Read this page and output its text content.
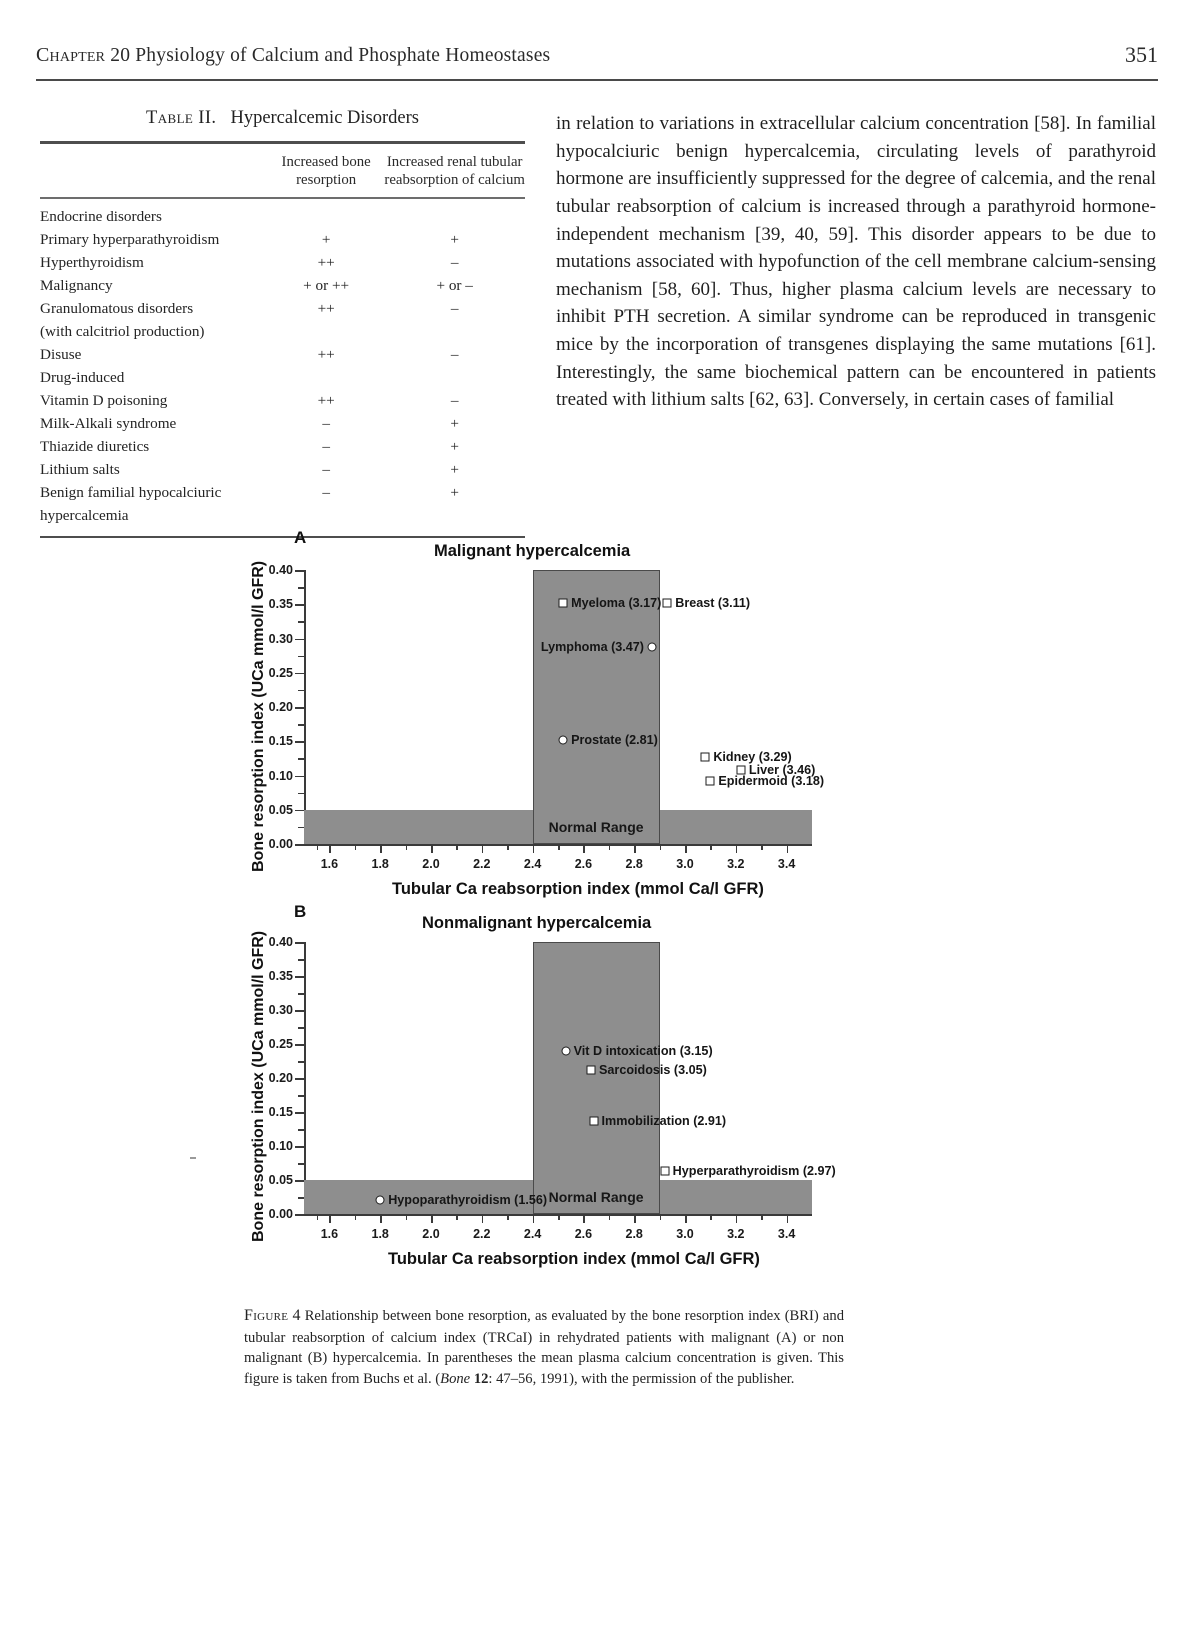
Chapter 20 Physiology of Calcium and Phosphate Homeostases	351
Table II. Hypercalcemic Disorders
	Increased bone resorption	Increased renal tubular reabsorption of calcium
Endocrine disorders		
Primary hyperparathyroidism	+	+
Hyperthyroidism	++	–
Malignancy	+ or ++	+ or –
Granulomatous disorders	++	–
(with calcitriol production)		
Disuse	++	–
Drug-induced		
Vitamin D poisoning	++	–
Milk-Alkali syndrome	–	+
Thiazide diuretics	–	+
Lithium salts	–	+
Benign familial hypocalciuric	–	+
hypercalcemia		
in relation to variations in extracellular calcium concentration [58]. In familial hypocalciuric benign hypercalcemia, circulating levels of parathyroid hormone are insufficiently suppressed for the degree of calcemia, and the renal tubular reabsorption of calcium is increased through a parathyroid hormone-independent mechanism [39, 40, 59]. This disorder appears to be due to mutations associated with hypofunction of the cell membrane calcium-sensing mechanism [58, 60]. Thus, higher plasma calcium levels are necessary to inhibit PTH secretion. A similar syndrome can be reproduced in transgenic mice by the incorporation of transgenes displaying the same mutations [61]. Interestingly, the same biochemical pattern can be encountered in patients treated with lithium salts [62, 63]. Conversely, in certain cases of familial
A
Malignant hypercalcemia
Bone resorption index (UCa mmol/l GFR)
Tubular Ca reabsorption index (mmol Ca/l GFR)
Normal Range
0.00
0.05
0.10
0.15
0.20
0.25
0.30
0.35
0.40
1.6	1.8	2.0	2.2	2.4	2.6	2.8	3.0	3.2	3.4
Myeloma (3.17) Breast (3.11)
Lymphoma (3.47)
Prostate (2.81)
Kidney (3.29)
Liver (3.46)
Epidermoid (3.18)
B
Nonmalignant hypercalcemia
Bone resorption index (UCa mmol/l GFR)
Tubular Ca reabsorption index (mmol Ca/l GFR)
Normal Range
0.00
0.05
0.10
0.15
0.20
0.25
0.30
0.35
0.40
1.6	1.8	2.0	2.2	2.4	2.6	2.8	3.0	3.2	3.4
Vit D intoxication (3.15)
Sarcoidosis (3.05)
Immobilization (2.91)
Hyperparathyroidism (2.97)
Hypoparathyroidism (1.56)
Figure 4 Relationship between bone resorption, as evaluated by the bone resorption index (BRI) and tubular reabsorption of calcium index (TRCaI) in rehydrated patients with malignant (A) or non malignant (B) hypercalcemia. In parentheses the mean plasma calcium concentration is given. This figure is taken from Buchs et al. (Bone 12: 47–56, 1991), with the permission of the publisher.
